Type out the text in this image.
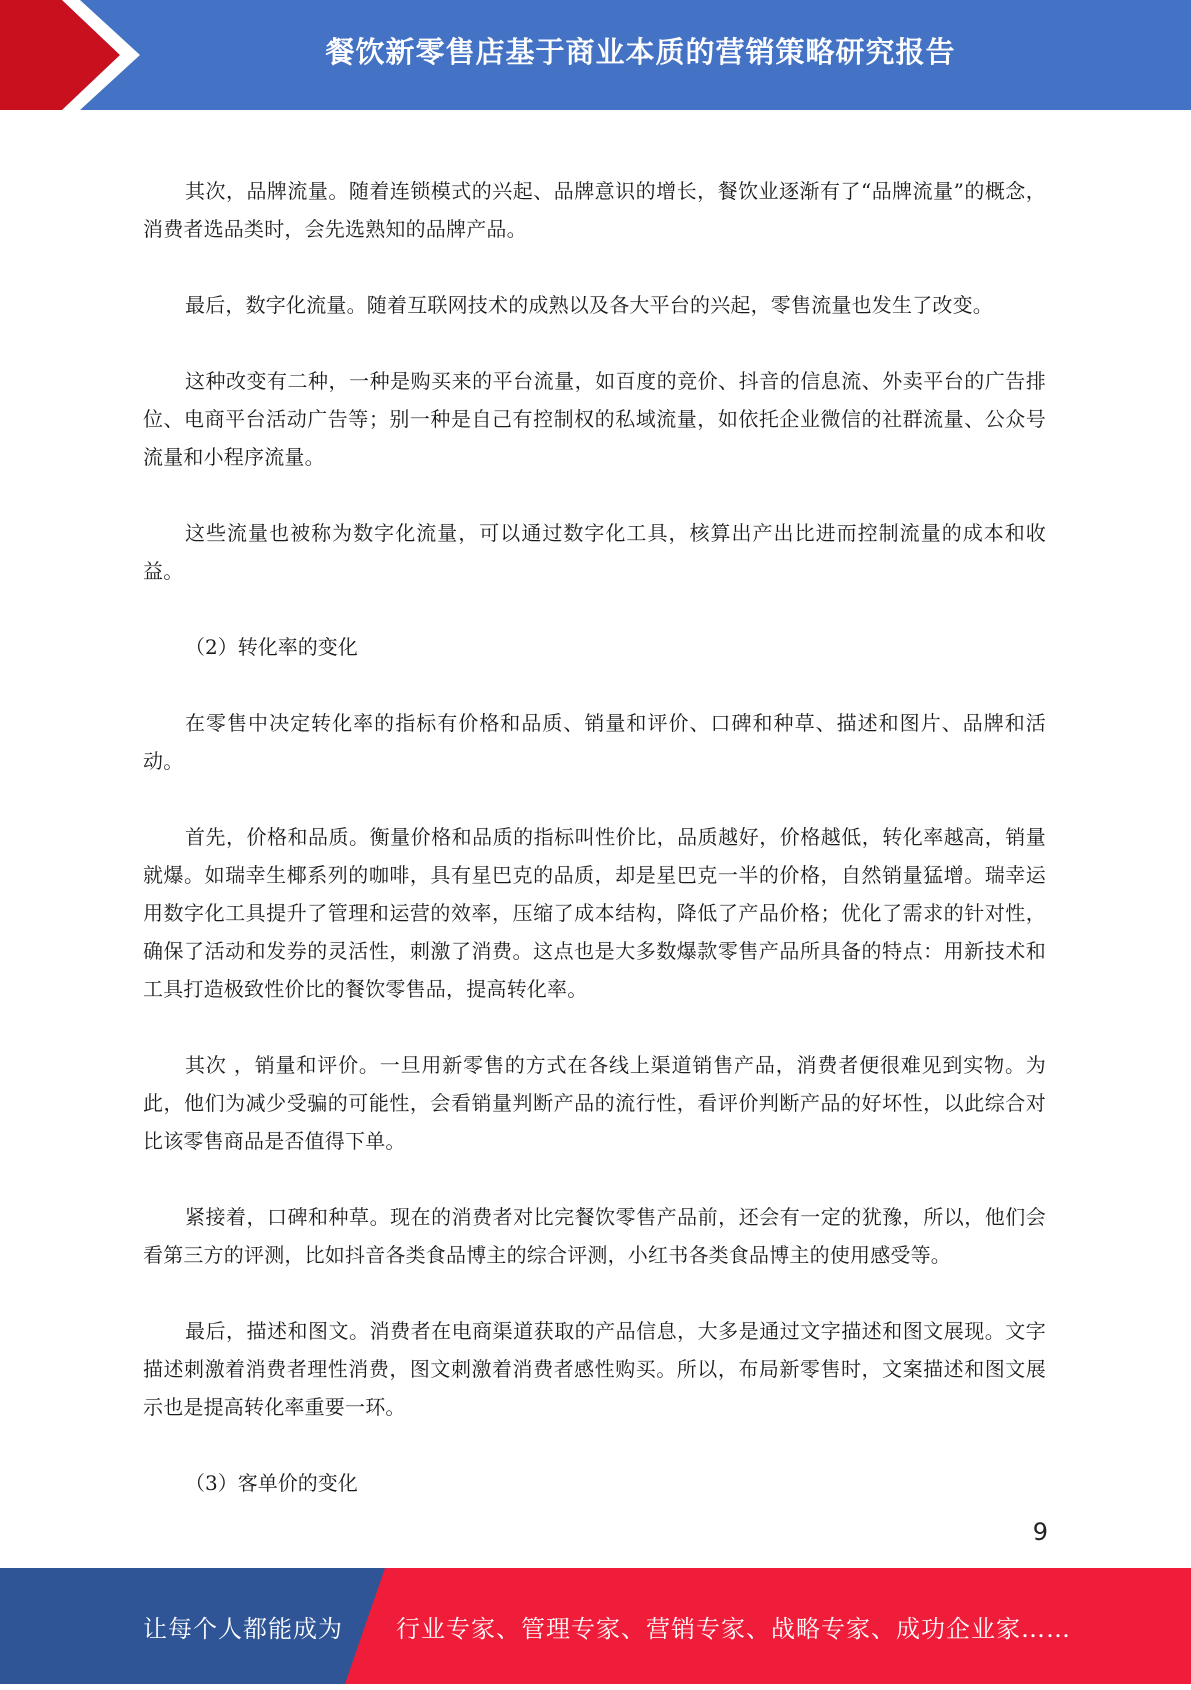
餐饮新零售店基于商业本质的营销策略研究报告

其次，品牌流量。随着连锁模式的兴起、品牌意识的增长，餐饮业逐渐有了“品牌流量”的概念，消费者选品类时，会先选熟知的品牌产品。

最后，数字化流量。随着互联网技术的成熟以及各大平台的兴起，零售流量也发生了改变。

这种改变有二种，一种是购买来的平台流量，如百度的竞价、抖音的信息流、外卖平台的广告排位、电商平台活动广告等；别一种是自己有控制权的私域流量，如依托企业微信的社群流量、公众号流量和小程序流量。

这些流量也被称为数字化流量，可以通过数字化工具，核算出产出比进而控制流量的成本和收益。

（2）转化率的变化

在零售中决定转化率的指标有价格和品质、销量和评价、口碑和种草、描述和图片、品牌和活动。

首先，价格和品质。衡量价格和品质的指标叫性价比，品质越好，价格越低，转化率越高，销量就爆。如瑞幸生椰系列的咖啡，具有星巴克的品质，却是星巴克一半的价格，自然销量猛增。瑞幸运用数字化工具提升了管理和运营的效率，压缩了成本结构，降低了产品价格；优化了需求的针对性，确保了活动和发券的灵活性，刺激了消费。这点也是大多数爆款零售产品所具备的特点：用新技术和工具打造极致性价比的餐饮零售品，提高转化率。

其次 ，销量和评价。一旦用新零售的方式在各线上渠道销售产品，消费者便很难见到实物。为此，他们为减少受骗的可能性，会看销量判断产品的流行性，看评价判断产品的好坏性，以此综合对比该零售商品是否值得下单。

紧接着，口碑和种草。现在的消费者对比完餐饮零售产品前，还会有一定的犹豫，所以，他们会看第三方的评测，比如抖音各类食品博主的综合评测，小红书各类食品博主的使用感受等。

最后，描述和图文。消费者在电商渠道获取的产品信息，大多是通过文字描述和图文展现。文字描述刺激着消费者理性消费，图文刺激着消费者感性购买。所以，布局新零售时，文案描述和图文展示也是提高转化率重要一环。

（3）客单价的变化

9
让每个人都能成为 行业专家、管理专家、营销专家、战略专家、成功企业家……
